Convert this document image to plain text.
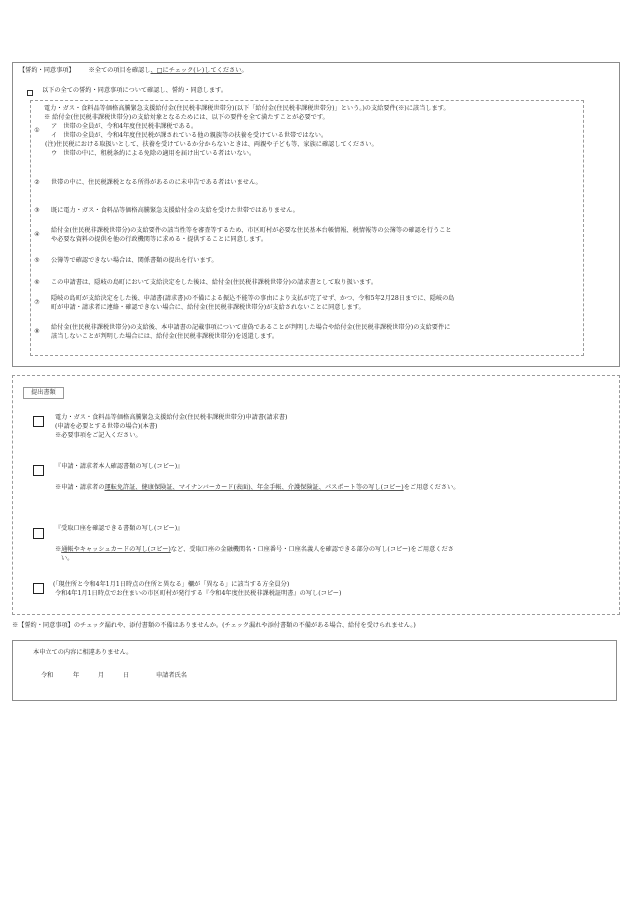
【誓約・同意事項】 ※全ての項目を確認し、□にチェック(レ)してください。
以下の全ての誓約・同意事項について確認し、誓約・同意します。
電力・ガス・食料品等価格高騰緊急支援給付金(住民税非課税世帯分)(以下「給付金(住民税非課税世帯分)」という。)の支給要件(※)に該当します。
※ 給付金(住民税非課税世帯分)の支給対象となるためには、以下の要件を全て満たすことが必要です。
①
ア　世帯の全員が、令和4年度住民税非課税である。
イ　世帯の全員が、令和4年度住民税が課されている他の親族等の扶養を受けている世帯ではない。
(注)住民税における取扱いとして、扶養を受けているか分からないときは、両親や子ども等、家族に確認してください。
ウ　世帯の中に、租税条約による免除の適用を届け出ている者はいない。
②	世帯の中に、住民税課税となる所得があるのに未申告である者はいません。
③	既に電力・ガス・食料品等価格高騰緊急支援給付金の支給を受けた世帯ではありません。
④
給付金(住民税非課税世帯分)の支給要件の該当性等を審査等するため、市区町村が必要な住民基本台帳情報、税情報等の公簿等の確認を行うこと
や必要な資料の提供を他の行政機関等に求める・提供することに同意します。
⑤	公簿等で確認できない場合は、関係書類の提出を行います。
⑥	この申請書は、隠岐の島町において支給決定をした後は、給付金(住民税非課税世帯分)の請求書として取り扱います。
⑦
隠岐の島町が支給決定をした後、申請書(請求書)の不備による振込不能等の事由により支払が完了せず、かつ、令和5年2月28日までに、隠岐の島
町が申請・請求者に連絡・確認できない場合に、給付金(住民税非課税世帯分)が支給されないことに同意します。
⑧
給付金(住民税非課税世帯分)の支給後、本申請書の記載事項について虚偽であることが判明した場合や給付金(住民税非課税世帯分)の支給要件に
該当しないことが判明した場合には、給付金(住民税非課税世帯分)を返還します。
提出書類
電力・ガス・食料品等価格高騰緊急支援給付金(住民税非課税世帯分)申請書(請求書)
(申請を必要とする世帯の場合)(本書)
※必要事項をご記入ください。
『申請・請求者本人確認書類の写し(コピー)』
※申請・請求者の運転免許証、健康保険証、マイナンバーカード(表面)、年金手帳、介護保険証、パスポート等の写し(コピー)をご用意ください。
『受取口座を確認できる書類の写し(コピー)』
※通帳やキャッシュカードの写し(コピー)など、受取口座の金融機関名・口座番号・口座名義人を確認できる部分の写し(コピー)をご用意くださ
い。
(「現住所と令和4年1月1日時点の住所と異なる」欄が「異なる」に該当する方全員分)
令和4年1月1日時点でお住まいの市区町村が発行する『令和4年度住民税非課税証明書』の写し(コピー)
※【誓約・同意事項】のチェック漏れや、添付書類の不備はありませんか。(チェック漏れや添付書類の不備がある場合、給付を受けられません。)
本申立ての内容に相違ありません。
令和	年	月	日	申請者氏名
